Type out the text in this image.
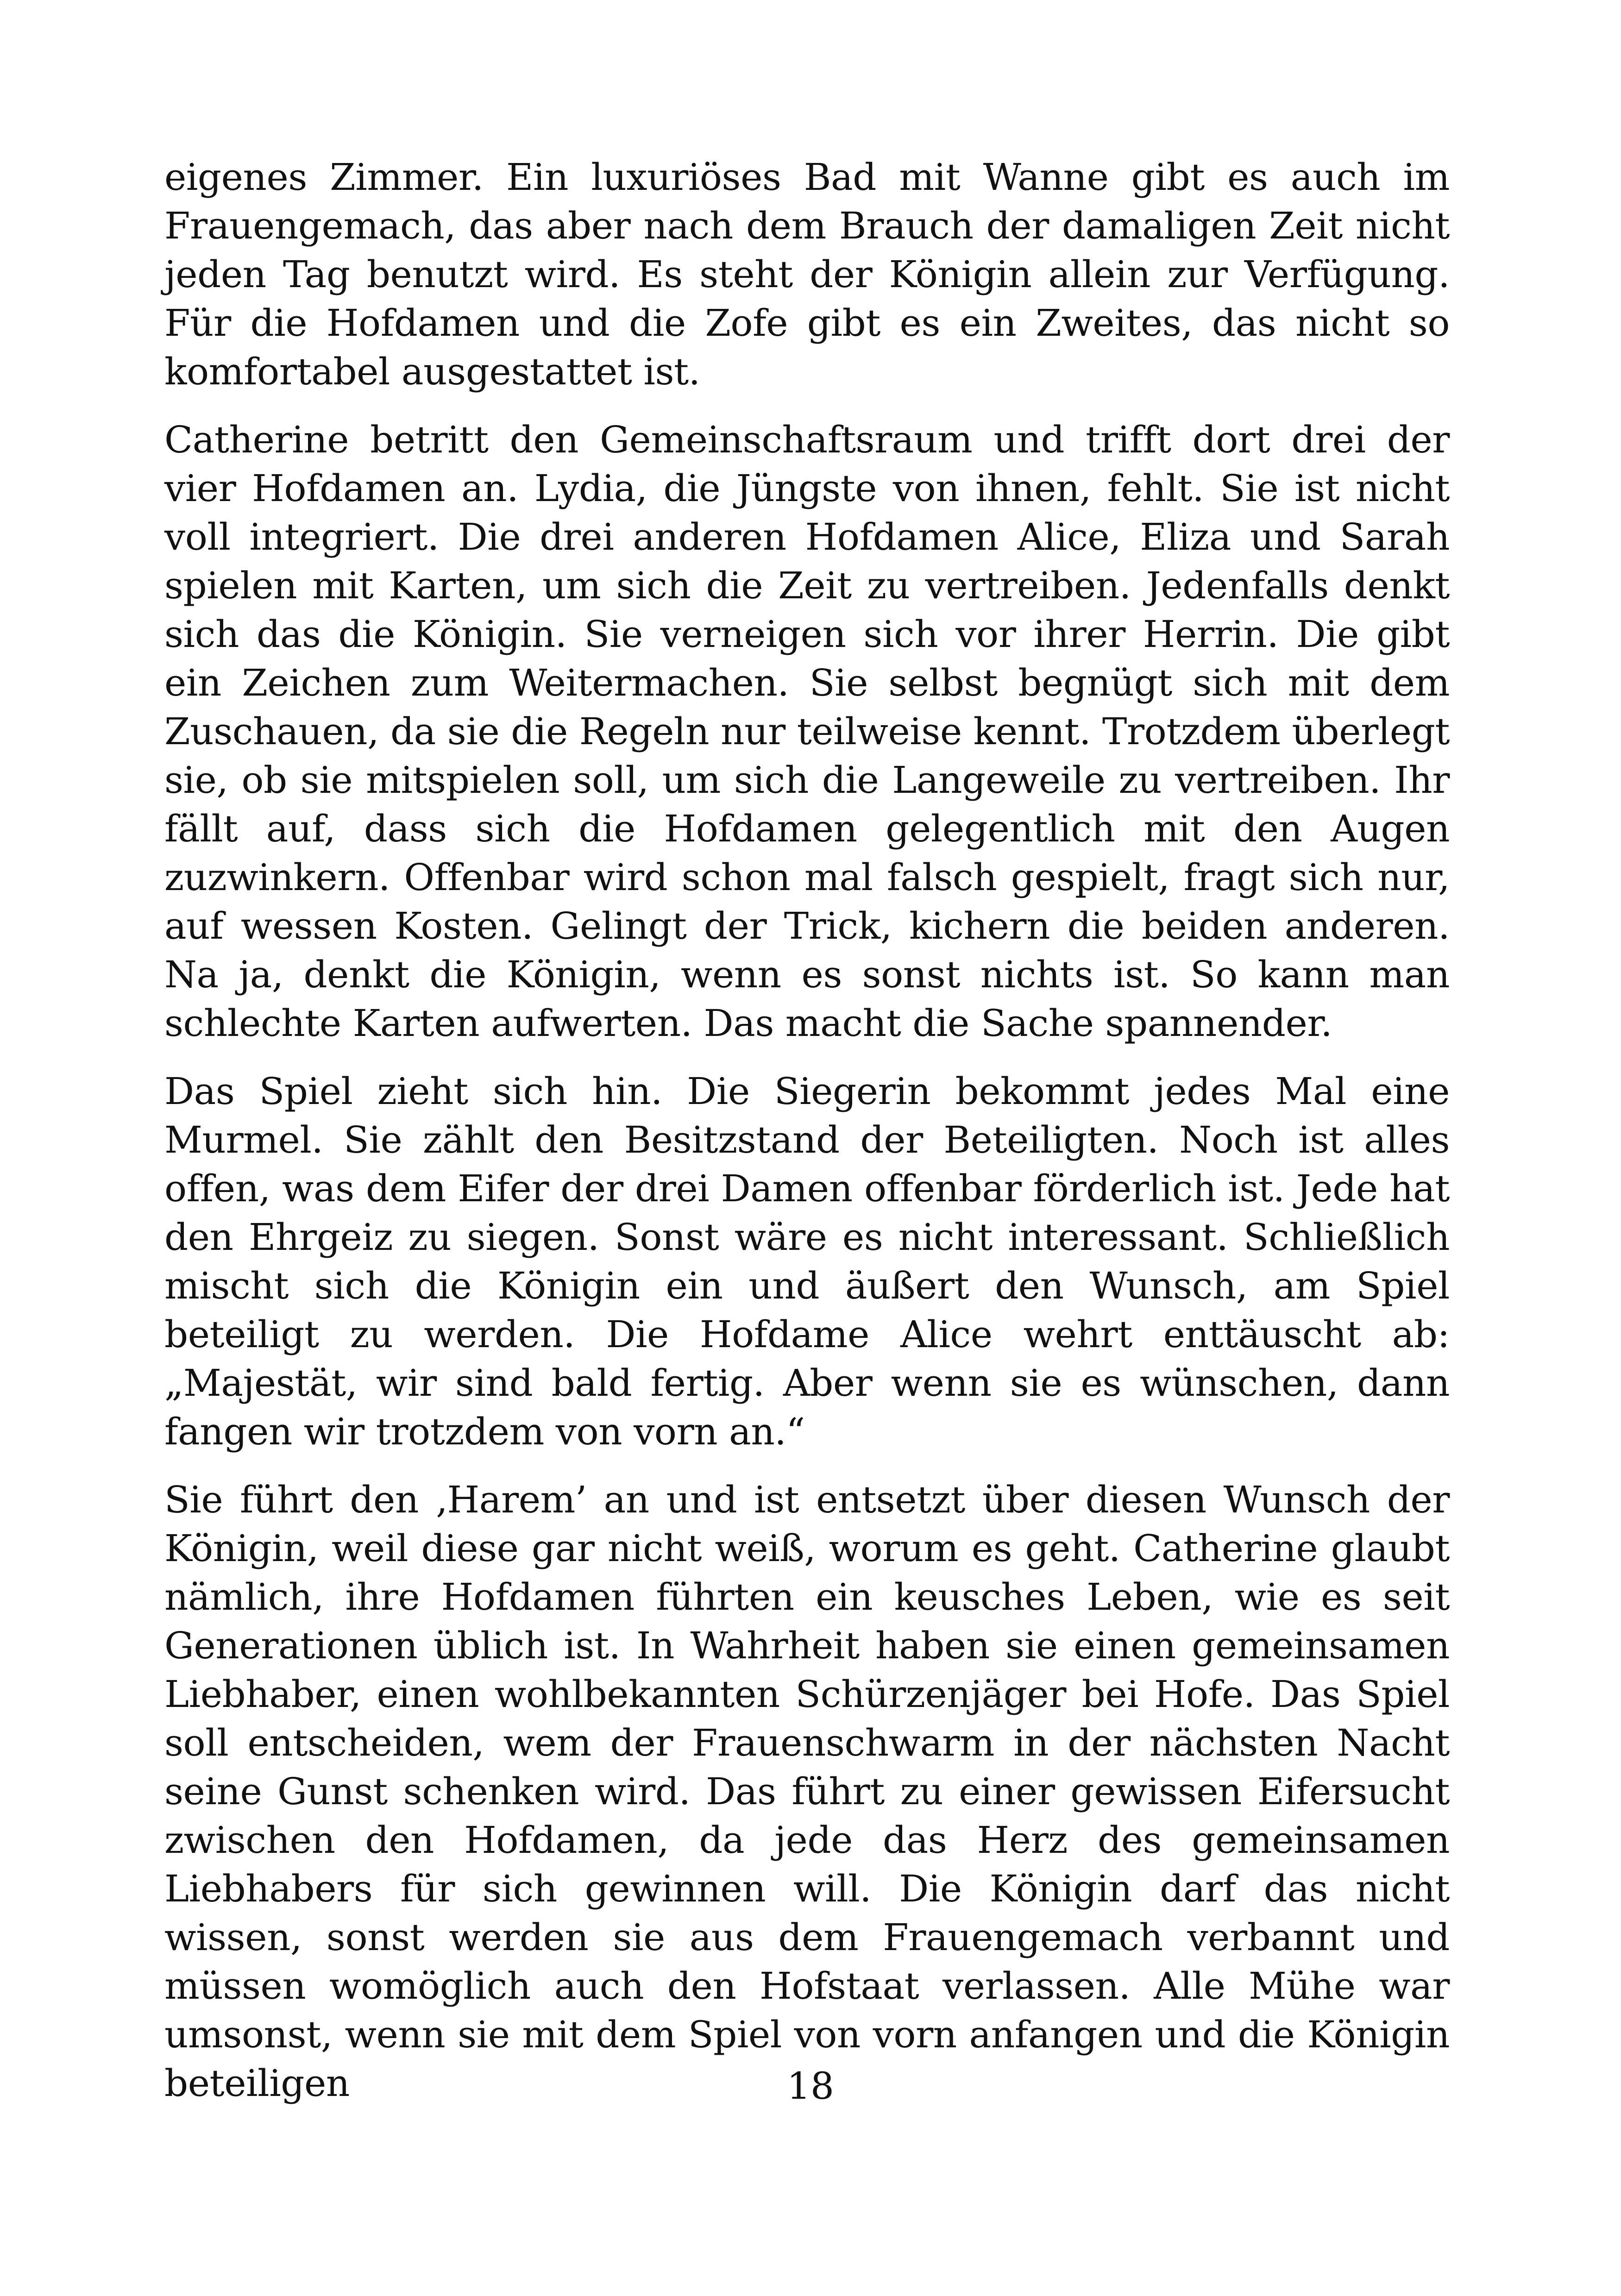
eigenes Zimmer. Ein luxuriöses Bad mit Wanne gibt es auch im Frauengemach, das aber nach dem Brauch der damaligen Zeit nicht jeden Tag benutzt wird. Es steht der Königin allein zur Verfügung. Für die Hofdamen und die Zofe gibt es ein Zweites, das nicht so komfortabel ausgestattet ist.

Catherine betritt den Gemeinschaftsraum und trifft dort drei der vier Hofdamen an. Lydia, die Jüngste von ihnen, fehlt. Sie ist nicht voll integriert. Die drei anderen Hofdamen Alice, Eliza und Sarah spielen mit Karten, um sich die Zeit zu vertreiben. Jedenfalls denkt sich das die Königin. Sie verneigen sich vor ihrer Herrin. Die gibt ein Zeichen zum Weitermachen. Sie selbst begnügt sich mit dem Zuschauen, da sie die Regeln nur teilweise kennt. Trotzdem überlegt sie, ob sie mitspielen soll, um sich die Langeweile zu vertreiben. Ihr fällt auf, dass sich die Hofdamen gelegentlich mit den Augen zuzwinkern. Offenbar wird schon mal falsch gespielt, fragt sich nur, auf wessen Kosten. Gelingt der Trick, kichern die beiden anderen. Na ja, denkt die Königin, wenn es sonst nichts ist. So kann man schlechte Karten aufwerten. Das macht die Sache spannender.

Das Spiel zieht sich hin. Die Siegerin bekommt jedes Mal eine Murmel. Sie zählt den Besitzstand der Beteiligten. Noch ist alles offen, was dem Eifer der drei Damen offenbar förderlich ist. Jede hat den Ehrgeiz zu siegen. Sonst wäre es nicht interessant. Schließlich mischt sich die Königin ein und äußert den Wunsch, am Spiel beteiligt zu werden. Die Hofdame Alice wehrt enttäuscht ab: „Majestät, wir sind bald fertig. Aber wenn sie es wünschen, dann fangen wir trotzdem von vorn an.“

Sie führt den ‚Harem’ an und ist entsetzt über diesen Wunsch der Königin, weil diese gar nicht weiß, worum es geht. Catherine glaubt nämlich, ihre Hofdamen führten ein keusches Leben, wie es seit Generationen üblich ist. In Wahrheit haben sie einen gemeinsamen Liebhaber, einen wohlbekannten Schürzenjäger bei Hofe. Das Spiel soll entscheiden, wem der Frauenschwarm in der nächsten Nacht seine Gunst schenken wird. Das führt zu einer gewissen Eifersucht zwischen den Hofdamen, da jede das Herz des gemeinsamen Liebhabers für sich gewinnen will. Die Königin darf das nicht wissen, sonst werden sie aus dem Frauengemach verbannt und müssen womöglich auch den Hofstaat verlassen. Alle Mühe war umsonst, wenn sie mit dem Spiel von vorn anfangen und die Königin beteiligen	18
